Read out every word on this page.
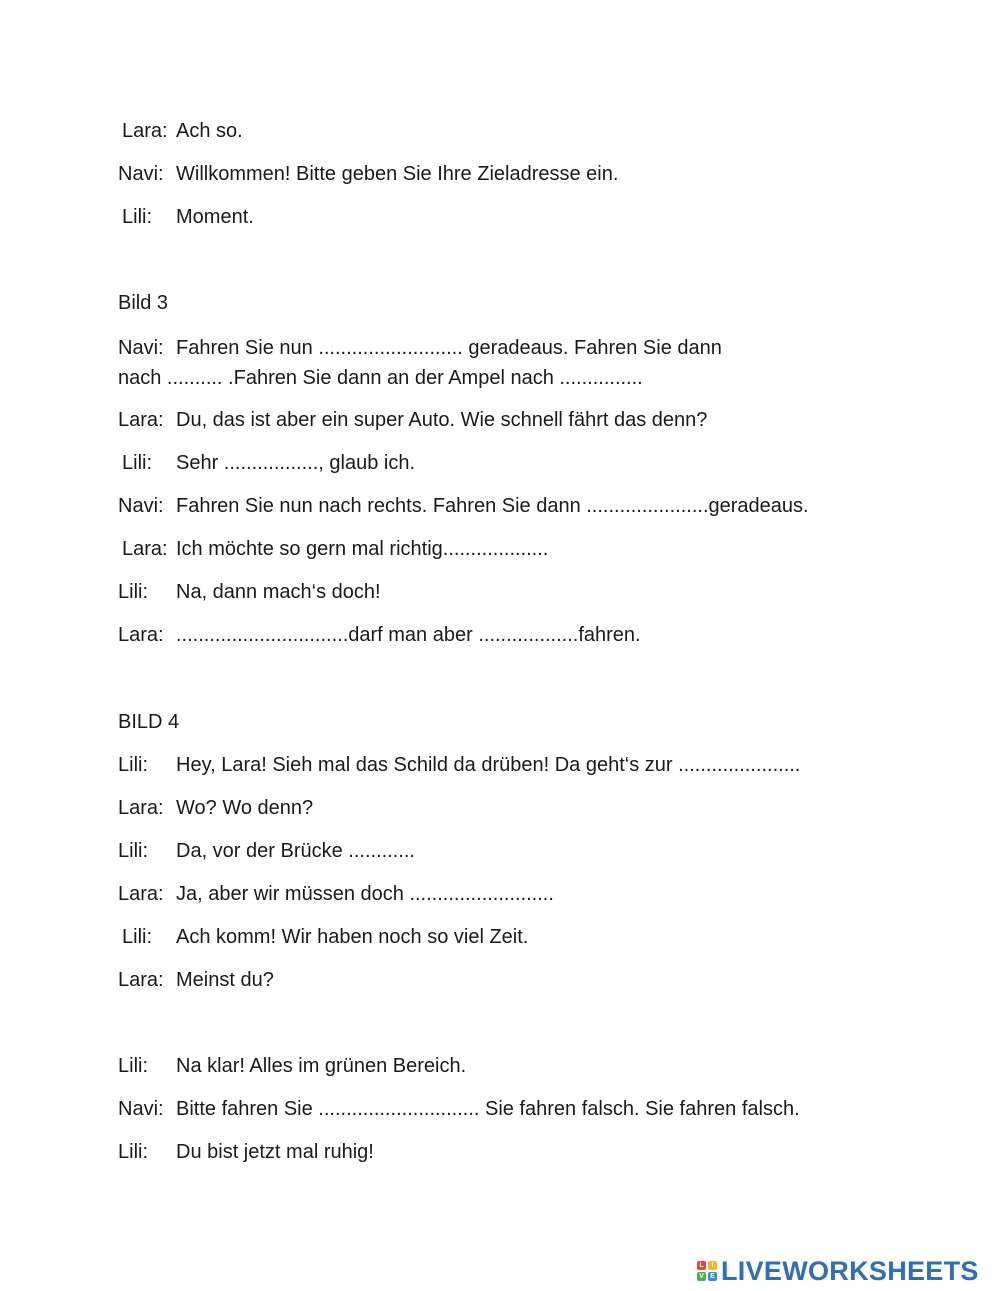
Lara: Ach so.
Navi: Willkommen! Bitte geben Sie Ihre Zieladresse ein.
Lili: Moment.
Bild 3
Navi: Fahren Sie nun .......................... geradeaus. Fahren Sie dann
nach .......... .Fahren Sie dann an der Ampel nach ...............
Lara: Du, das ist aber ein super Auto. Wie schnell fährt das denn?
Lili: Sehr ................., glaub ich.
Navi: Fahren Sie nun nach rechts. Fahren Sie dann ......................geradeaus.
Lara: Ich möchte so gern mal richtig...................
Lili: Na, dann mach‘s doch!
Lara: ...............................darf man aber ..................fahren.
BILD 4
Lili: Hey, Lara! Sieh mal das Schild da drüben! Da geht‘s zur ......................
Lara: Wo? Wo denn?
Lili: Da, vor der Brücke ............
Lara: Ja, aber wir müssen doch ..........................
Lili: Ach komm! Wir haben noch so viel Zeit.
Lara: Meinst du?
Lili: Na klar! Alles im grünen Bereich.
Navi: Bitte fahren Sie ............................. Sie fahren falsch. Sie fahren falsch.
Lili: Du bist jetzt mal ruhig!
L	I
V E LIVEWORKSHEETS
